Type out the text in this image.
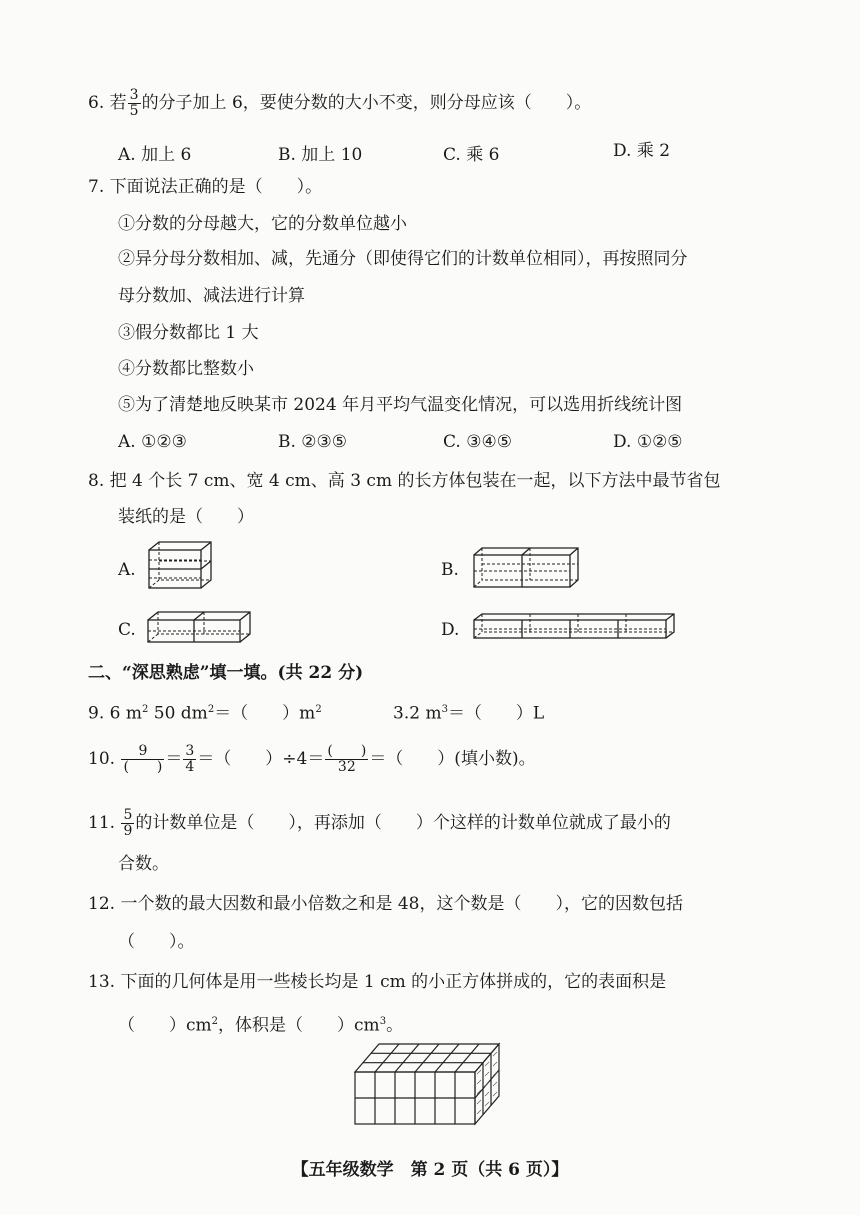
6. 若 $\frac{3}{5}$ 的分子加上 6，要使分数的大小不变，则分母应该（　　）。
A. 加上 6	B. 加上 10	C. 乘 6	D. 乘 2
7. 下面说法正确的是（　　）。
①分数的分母越大，它的分数单位越小
②异分母分数相加、减，先通分（即使得它们的计数单位相同），再按照同分
母分数加、减法进行计算
③假分数都比 1 大
④分数都比整数小
⑤为了清楚地反映某市 2024 年月平均气温变化情况，可以选用折线统计图
A. ①②③	B. ②③⑤	C. ③④⑤	D. ①②⑤
8. 把 4 个长 7 cm、宽 4 cm、高 3 cm 的长方体包装在一起，以下方法中最节省包
装纸的是（　　）
A.	B.
C.	D.
二、“深思熟虑”填一填。(共 22 分)
9. 6 $m^2$ 50 $dm^2=$（　　）$m^2$	3.2 $m^3=$（　　）L
10. $\frac{9}{( )} = \frac{3}{4}$ ＝（　　）$\div 4= \frac{( )}{32}$ ＝（　　）(填小数)。
11. $\frac{5}{9}$ 的计数单位是（　　），再添加（　　）个这样的计数单位就成了最小的
合数。
12. 一个数的最大因数和最小倍数之和是 48，这个数是（　　），它的因数包括
（　　）。
13. 下面的几何体是用一些棱长均是 1 cm 的小正方体拼成的，它的表面积是
（　　）$cm^2$，体积是（　　）$cm^3$。
【五年级数学　第 2 页（共 6 页）】
